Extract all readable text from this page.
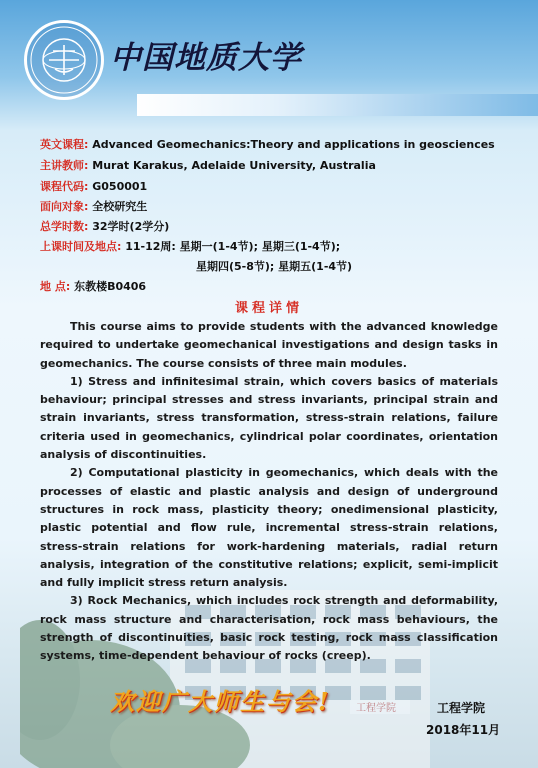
中国地质大学
英文课程: Advanced Geomechanics:Theory and applications in geosciences
主讲教师: Murat Karakus, Adelaide University, Australia
课程代码: G050001
面向对象: 全校研究生
总学时数: 32学时(2学分)
上课时间及地点: 11-12周: 星期一(1-4节); 星期三(1-4节);
星期四(5-8节); 星期五(1-4节)
地 点: 东教楼B0406
课程详情
工程学院

This course aims to provide students with the advanced knowledge required to undertake geomechanical investigations and design tasks in geomechanics. The course consists of three main modules.

1) Stress and infinitesimal strain, which covers basics of materials behaviour; principal stresses and stress invariants, principal strain and strain invariants, stress transformation, stress-strain relations, failure criteria used in geomechanics, cylindrical polar coordinates, orientation analysis of discontinuities.

2) Computational plasticity in geomechanics, which deals with the processes of elastic and plastic analysis and design of underground structures in rock mass, plasticity theory; onedimensional plasticity, plastic potential and flow rule, incremental stress-strain relations, stress-strain relations for work-hardening materials, radial return analysis, integration of the constitutive relations; explicit, semi-implicit and fully implicit stress return analysis.

3) Rock Mechanics, which includes rock strength and deformability, rock mass structure and characterisation, rock mass behaviours, the strength of discontinuities, basic rock testing, rock mass classification systems, time-dependent behaviour of rocks (creep).

欢迎广大师生与会!	工程学院
2018年11月
